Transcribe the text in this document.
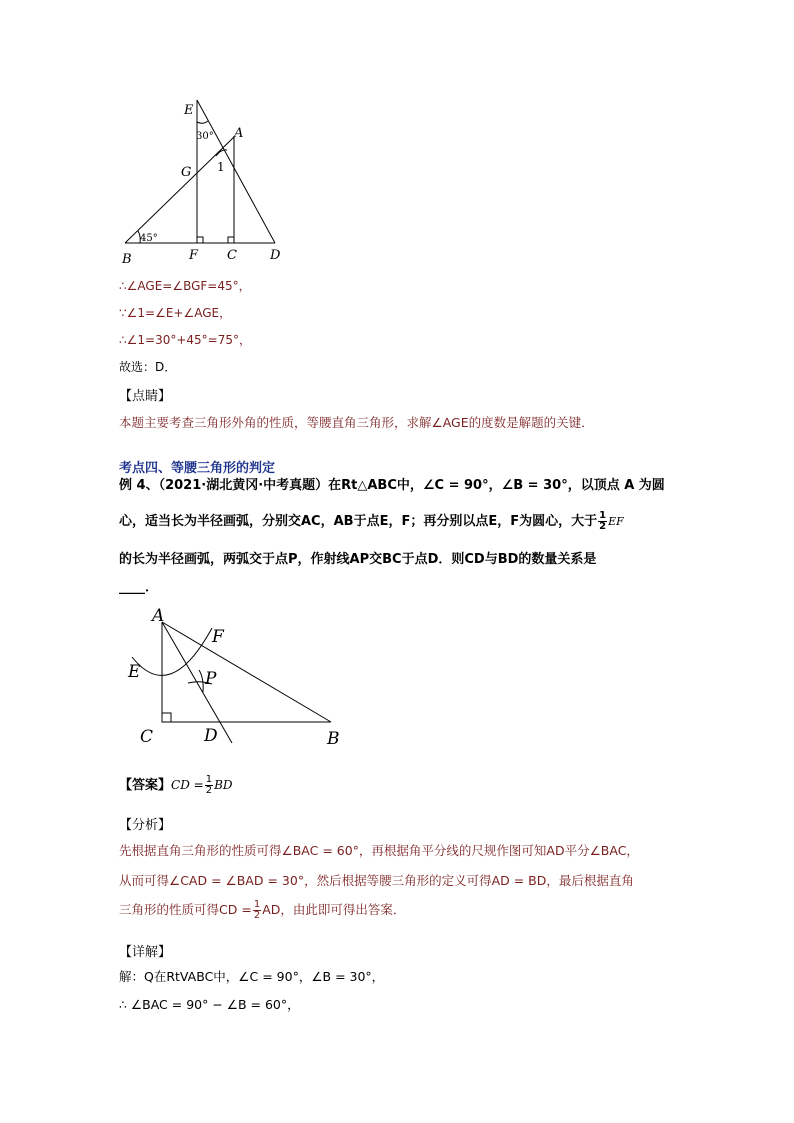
E
30° A
G 1
45°
B	F C	D
∴∠AGE=∠BGF=45°，
∵∠1=∠E+∠AGE，
∴∠1=30°+45°=75°，
故选：D．
【点睛】
本题主要考查三角形外角的性质，等腰直角三角形，求解∠AGE的度数是解题的关键．
考点四、等腰三角形的判定
例 4、（2021·湖北黄冈·中考真题）在Rt△ABC中，∠C = 90°，∠B = 30°，以顶点 A 为圆
心，适当长为半径画弧，分别交AC，AB于点E，F；再分别以点E，F为圆心，大于 $\frac{1}{2}$ EF
的长为半径画弧，两弧交于点P，作射线AP交BC于点D．则CD与BD的数量关系是
____．
A
F
E	P
C	D	B
【答案】CD = $\frac{1}{2}$ BD
【分析】
先根据直角三角形的性质可得∠BAC = 60°，再根据角平分线的尺规作图可知AD平分∠BAC，
从而可得∠CAD = ∠BAD = 30°，然后根据等腰三角形的定义可得AD = BD，最后根据直角
三角形的性质可得CD = $\frac{1}{2}$ AD，由此即可得出答案．
【详解】
解：Q在RtVABC中，∠C = 90°，∠B = 30°，
∴ ∠BAC = 90° − ∠B = 60°，
